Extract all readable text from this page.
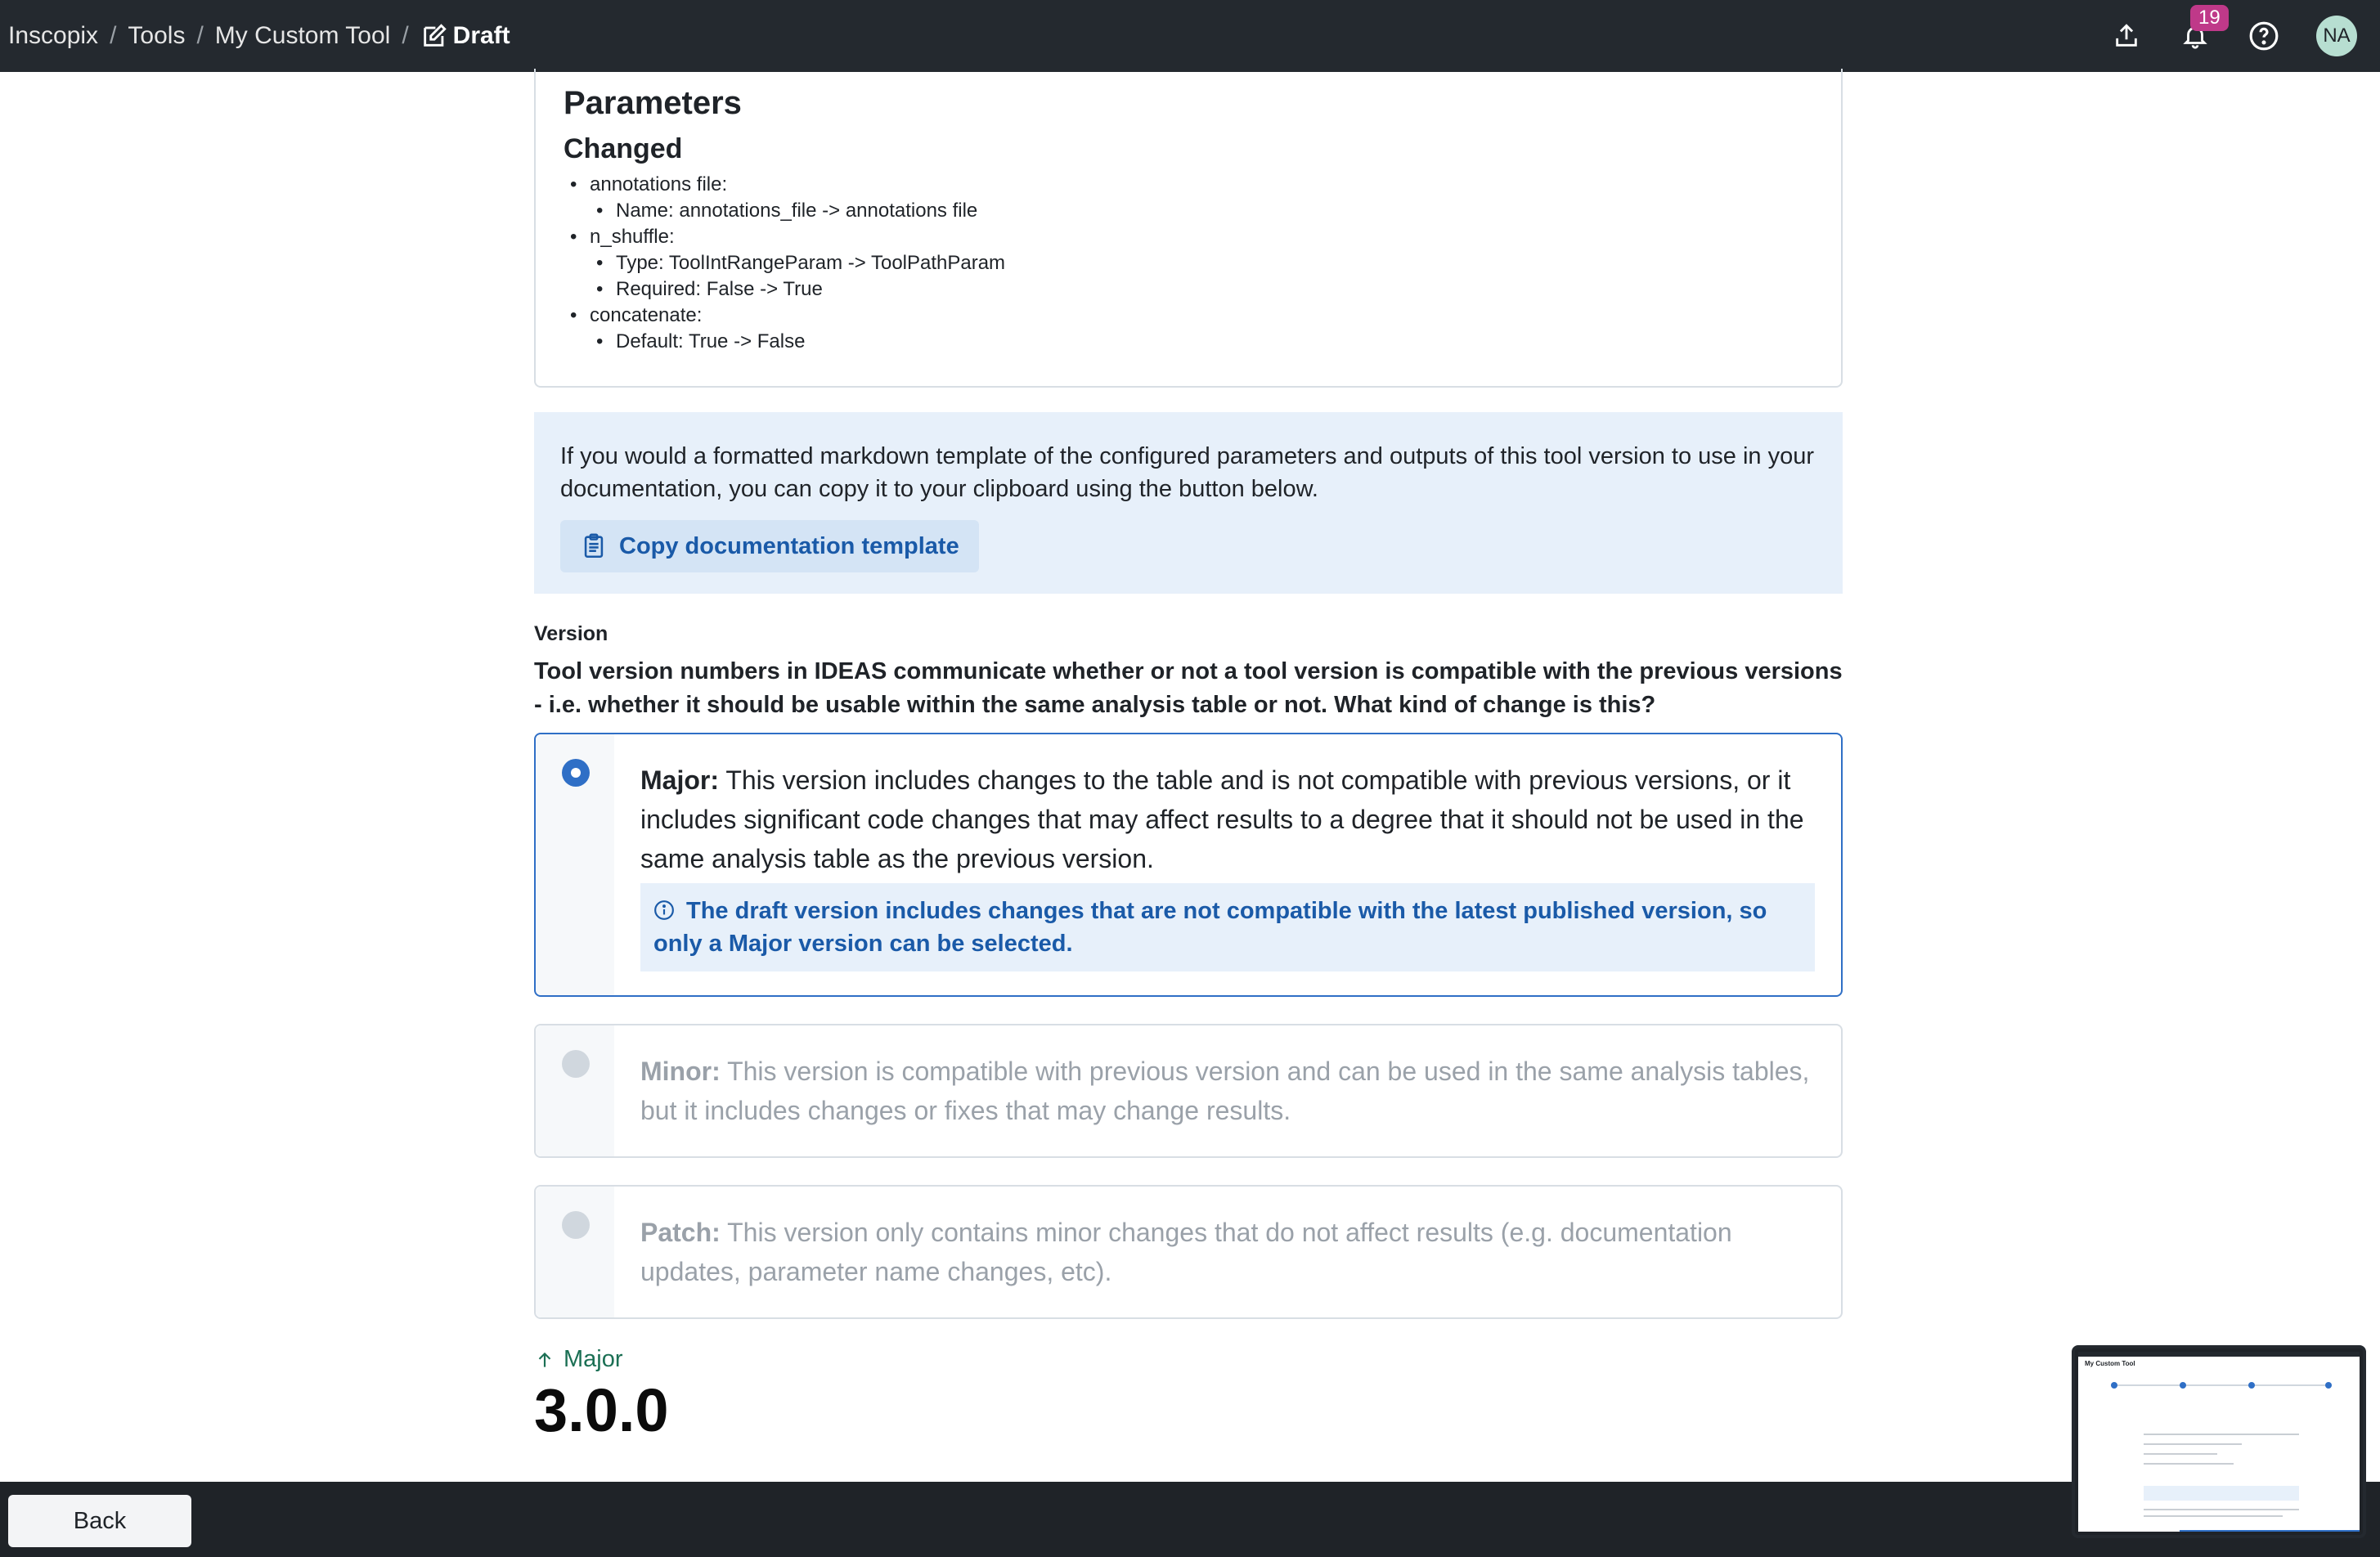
Inscopix / Tools / My Custom Tool / Draft
19
NA
Parameters
Changed
• annotations file:
• Name: annotations_file -> annotations file
• n_shuffle:
• Type: ToolIntRangeParam -> ToolPathParam
• Required: False -> True
• concatenate:
• Default: True -> False
If you would a formatted markdown template of the configured parameters and outputs of this tool version to use in your documentation, you can copy it to your clipboard using the button below.
Copy documentation template
Version
Tool version numbers in IDEAS communicate whether or not a tool version is compatible with the previous versions - i.e. whether it should be usable within the same analysis table or not. What kind of change is this?
Major: This version includes changes to the table and is not compatible with previous versions, or it includes significant code changes that may affect results to a degree that it should not be used in the same analysis table as the previous version.
The draft version includes changes that are not compatible with the latest published version, so only a Major version can be selected.
Minor: This version is compatible with previous version and can be used in the same analysis tables, but it includes changes or fixes that may change results.
Patch: This version only contains minor changes that do not affect results (e.g. documentation updates, parameter name changes, etc).
Major
3.0.0
Back
My Custom Tool
